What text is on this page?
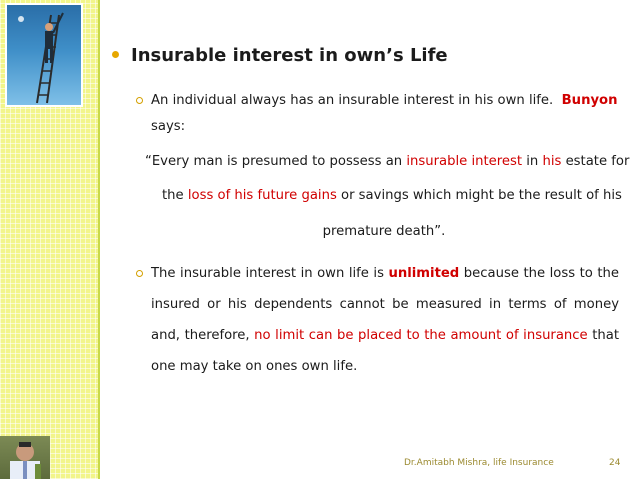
Insurable interest in own’s Life
An individual always has an insurable interest in his own life. Bunyon
says:
“Every man is presumed to possess an insurable interest in his estate for
the loss of his future gains or savings which might be the result of his
premature death”.
The insurable interest in own life is unlimited because the loss to the insured or his dependents cannot be measured in terms of money and, therefore, no limit can be placed to the amount of insurance that one may take on ones own life.
Dr.Amitabh Mishra, life Insurance	24
